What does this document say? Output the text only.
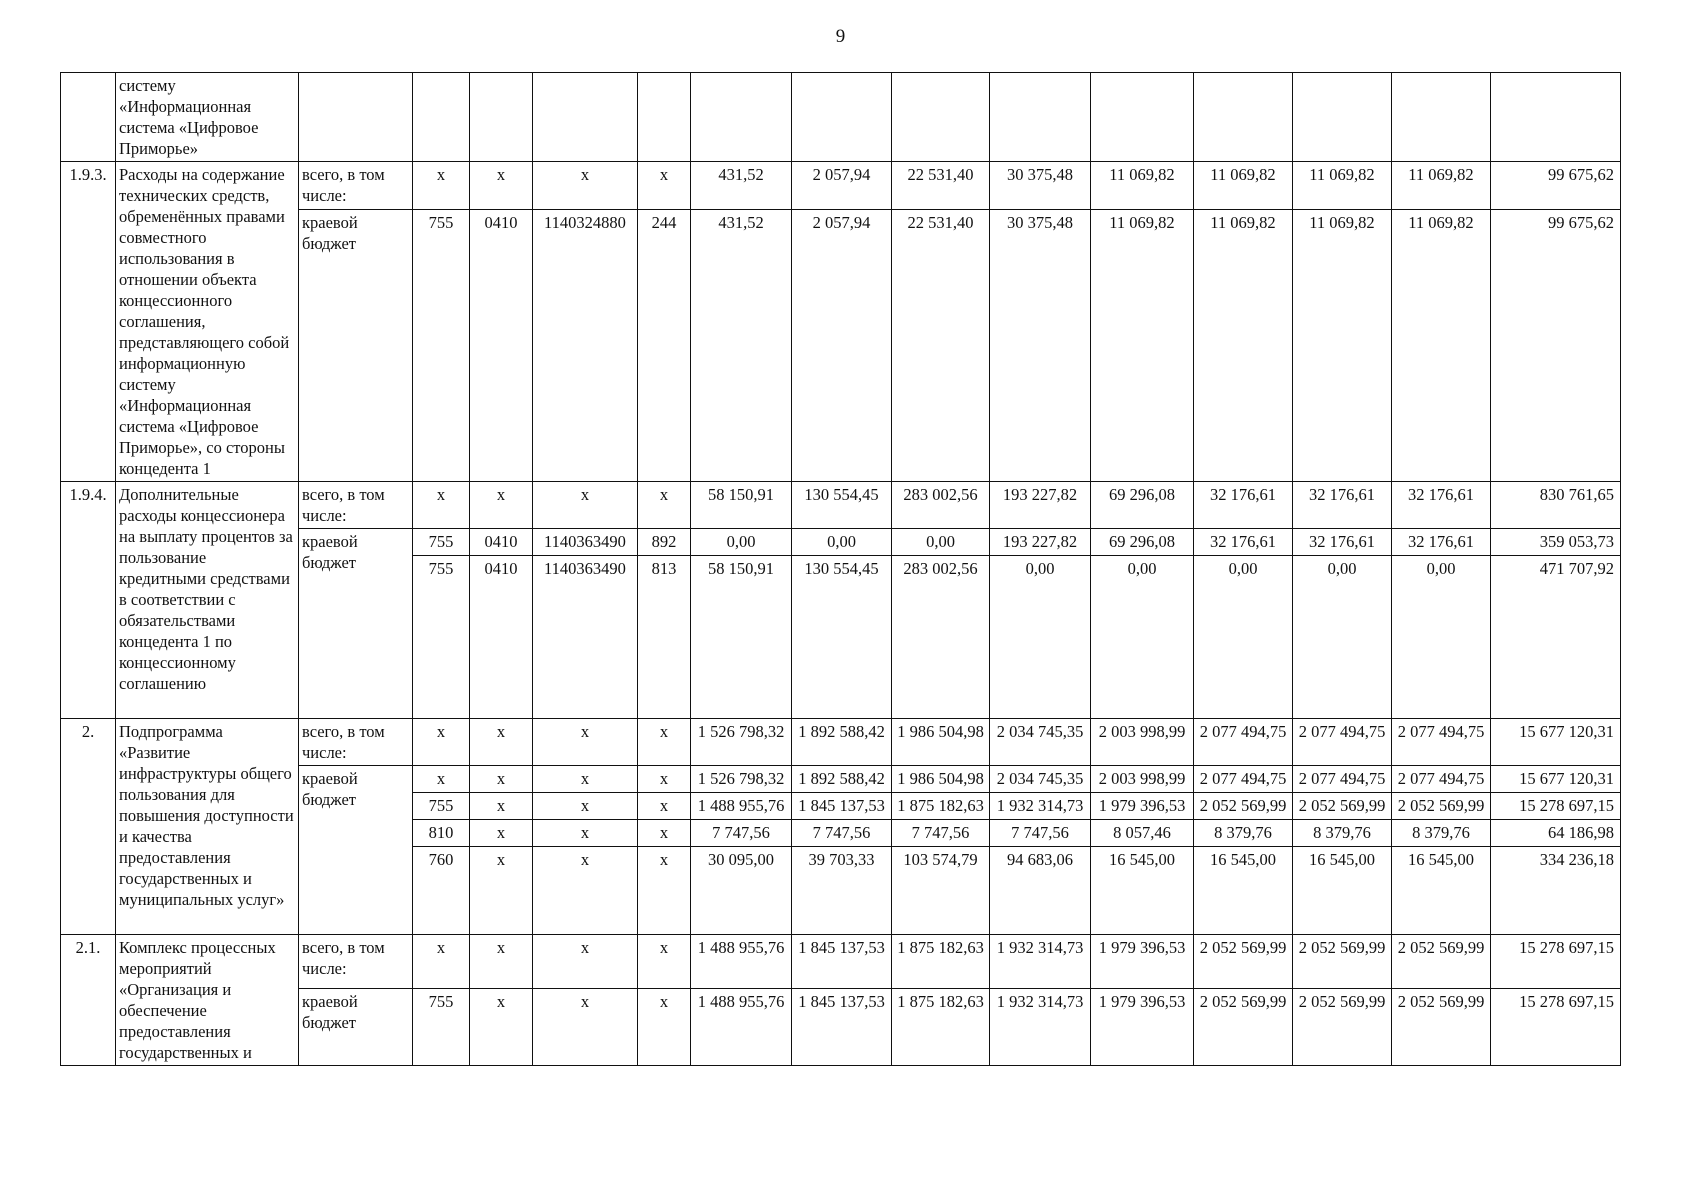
9
	систему «Информационная система «Цифровое Приморье»														
1.9.3.	Расходы на содержание технических средств, обременённых правами совместного использования в отношении объекта концессионного соглашения, представляющего собой информационную систему «Информационная система «Цифровое Приморье», со стороны концедента 1	всего, в том числе:	x	x	x	x	431,52	2 057,94	22 531,40	30 375,48	11 069,82	11 069,82	11 069,82	11 069,82	99 675,62
		краевой бюджет	755	0410	1140324880	244	431,52	2 057,94	22 531,40	30 375,48	11 069,82	11 069,82	11 069,82	11 069,82	99 675,62
1.9.4.	Дополнительные расходы концессионера на выплату процентов за пользование кредитными средствами в соответствии с обязательствами концедента 1 по концессионному соглашению	всего, в том числе:	x	x	x	x	58 150,91	130 554,45	283 002,56	193 227,82	69 296,08	32 176,61	32 176,61	32 176,61	830 761,65
		краевой бюджет	755	0410	1140363490	892	0,00	0,00	0,00	193 227,82	69 296,08	32 176,61	32 176,61	32 176,61	359 053,73
			755	0410	1140363490	813	58 150,91	130 554,45	283 002,56	0,00	0,00	0,00	0,00	0,00	471 707,92
2.	Подпрограмма «Развитие инфраструктуры общего пользования для повышения доступности и качества предоставления государственных и муниципальных услуг»	всего, в том числе:	x	x	x	x	1 526 798,32	1 892 588,42	1 986 504,98	2 034 745,35	2 003 998,99	2 077 494,75	2 077 494,75	2 077 494,75	15 677 120,31
		краевой бюджет	x	x	x	x	1 526 798,32	1 892 588,42	1 986 504,98	2 034 745,35	2 003 998,99	2 077 494,75	2 077 494,75	2 077 494,75	15 677 120,31
			755	x	x	x	1 488 955,76	1 845 137,53	1 875 182,63	1 932 314,73	1 979 396,53	2 052 569,99	2 052 569,99	2 052 569,99	15 278 697,15
			810	x	x	x	7 747,56	7 747,56	7 747,56	7 747,56	8 057,46	8 379,76	8 379,76	8 379,76	64 186,98
			760	x	x	x	30 095,00	39 703,33	103 574,79	94 683,06	16 545,00	16 545,00	16 545,00	16 545,00	334 236,18
2.1.	Комплекс процессных мероприятий «Организация и обеспечение предоставления государственных и	всего, в том числе:	x	x	x	x	1 488 955,76	1 845 137,53	1 875 182,63	1 932 314,73	1 979 396,53	2 052 569,99	2 052 569,99	2 052 569,99	15 278 697,15
		краевой бюджет	755	x	x	x	1 488 955,76	1 845 137,53	1 875 182,63	1 932 314,73	1 979 396,53	2 052 569,99	2 052 569,99	2 052 569,99	15 278 697,15
